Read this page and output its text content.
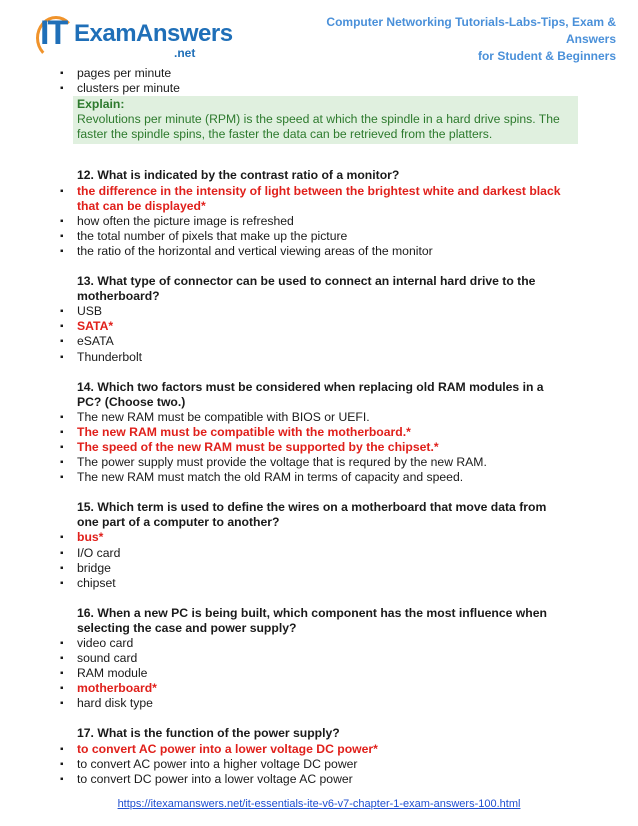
IT ExamAnswers
.net
Computer Networking Tutorials-Labs-Tips, Exam & Answers
for Student & Beginners
▪ pages per minute
▪ clusters per minute
Explain:
Revolutions per minute (RPM) is the speed at which the spindle in a hard drive spins. The faster the spindle spins, the faster the data can be retrieved from the platters.
12. What is indicated by the contrast ratio of a monitor?
▪ the difference in the intensity of light between the brightest white and darkest black that can be displayed*
▪ how often the picture image is refreshed
▪ the total number of pixels that make up the picture
▪ the ratio of the horizontal and vertical viewing areas of the monitor
13. What type of connector can be used to connect an internal hard drive to the motherboard?
▪ USB
▪ SATA*
▪ eSATA
▪ Thunderbolt
14. Which two factors must be considered when replacing old RAM modules in a PC? (Choose two.)
▪ The new RAM must be compatible with BIOS or UEFI.
▪ The new RAM must be compatible with the motherboard.*
▪ The speed of the new RAM must be supported by the chipset.*
▪ The power supply must provide the voltage that is requred by the new RAM.
▪ The new RAM must match the old RAM in terms of capacity and speed.
15. Which term is used to define the wires on a motherboard that move data from one part of a computer to another?
▪ bus*
▪ I/O card
▪ bridge
▪ chipset
16. When a new PC is being built, which component has the most influence when selecting the case and power supply?
▪ video card
▪ sound card
▪ RAM module
▪ motherboard*
▪ hard disk type
17. What is the function of the power supply?
▪ to convert AC power into a lower voltage DC power*
▪ to convert AC power into a higher voltage DC power
▪ to convert DC power into a lower voltage AC power
https://itexamanswers.net/it-essentials-ite-v6-v7-chapter-1-exam-answers-100.html
